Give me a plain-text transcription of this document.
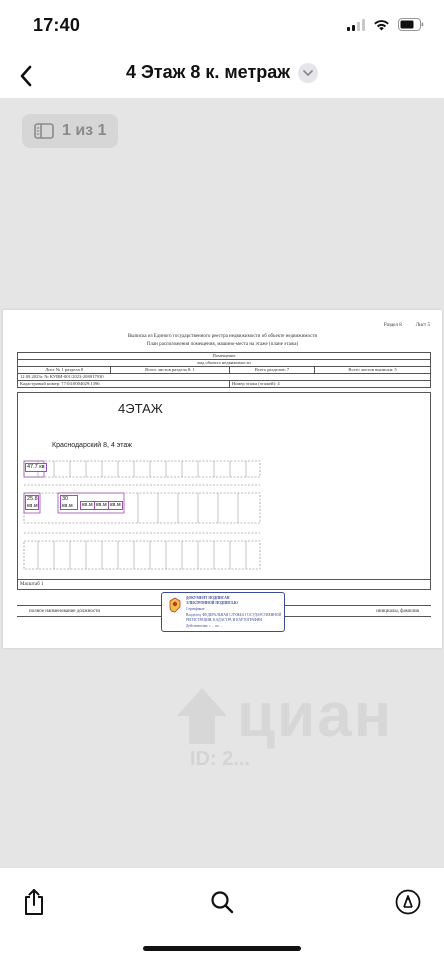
17:40
4 Этаж 8 к. метраж
1 из 1
Раздел 8	Лист 5
Выписка из Единого государственного реестра недвижимости об объекте недвижимости
План расположения помещения, машино-места на этаже (плане этажа)
Помещение			
вид объекта недвижимости			
Лист № 1 раздела 8	Всего листов раздела 8: 1	Всего разделов: 7	Всего листов выписки: 5
12.09.2023г. № КУВИ-001/2023-208017930			
Кадастровый номер: 77:04:0004029:1396		Номер этажа (этажей): 4	
4ЭТАЖ
Краснодарский 8, 4 этаж
47.7 кв
25.8 кв.м
30 кв.м	кв.м кв.м кв.м
Масштаб 1
полное наименование должности	инициалы, фамилия
ДОКУМЕНТ ПОДПИСАН
ЭЛЕКТРОННОЙ ПОДПИСЬЮ
Сертификат: ...
Владелец: ФЕДЕРАЛЬНАЯ СЛУЖБА ГОСУДАРСТВЕННОЙ
РЕГИСТРАЦИИ, КАДАСТРА И КАРТОГРАФИИ
Действителен: с ... по ...
циан
ID: 2...
